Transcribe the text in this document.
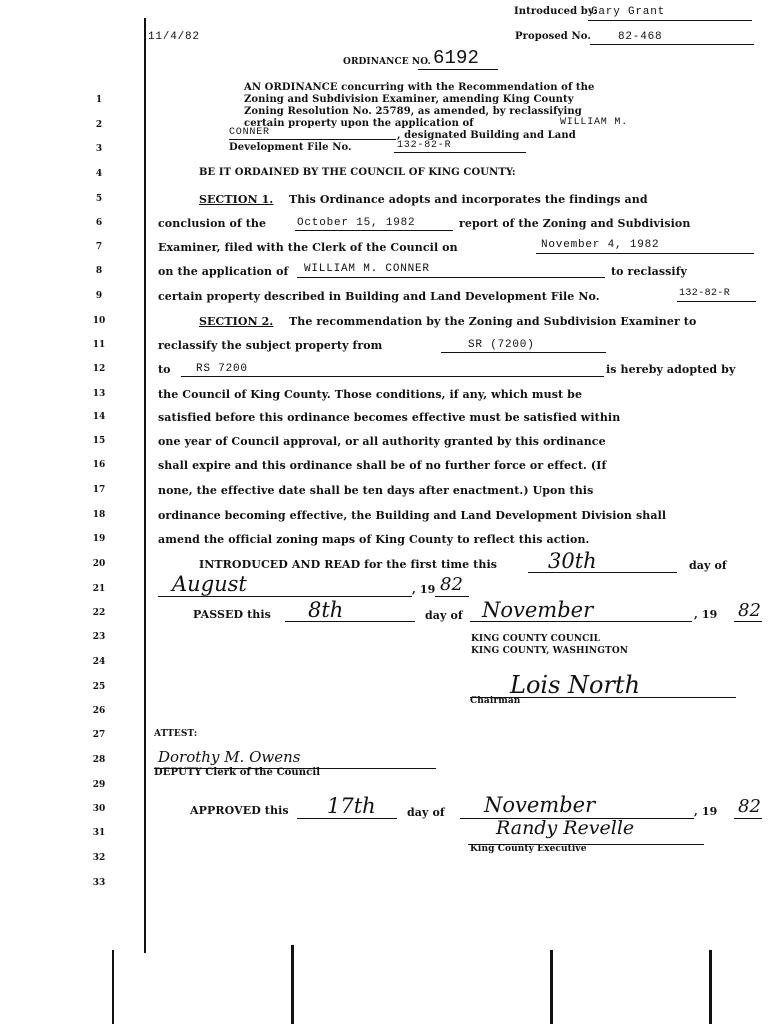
Introduced by:
Gary Grant
11/4/82	Proposed No. 82-468
ORDINANCE NO. 6192
AN ORDINANCE concurring with the Recommendation of the
Zoning and Subdivision Examiner, amending King County
Zoning Resolution No. 25789, as amended, by reclassifying
certain property upon the application of	WILLIAM M.
CONNER	, designated Building and Land
Development File No.	132-82-R
1
2
3
4
5
6
7
8
9
10
11
12
13
14
15
16
17
18
19
20
21
22
23
24
25
26
27
28
29
30
31
32
33
BE IT ORDAINED BY THE COUNCIL OF KING COUNTY:
SECTION 1. This Ordinance adopts and incorporates the findings and
conclusion of the	October 15, 1982	report of the Zoning and Subdivision
Examiner, filed with the Clerk of the Council on	November 4, 1982
on the application of WILLIAM M. CONNER	to reclassify
certain property described in Building and Land Development File No.	132-82-R
SECTION 2. The recommendation by the Zoning and Subdivision Examiner to
reclassify the subject property from	SR (7200)
to RS 7200	is hereby adopted by
the Council of King County. Those conditions, if any, which must be
satisfied before this ordinance becomes effective must be satisfied within
one year of Council approval, or all authority granted by this ordinance
shall expire and this ordinance shall be of no further force or effect. (If
none, the effective date shall be ten days after enactment.) Upon this
ordinance becoming effective, the Building and Land Development Division shall
amend the official zoning maps of King County to reflect this action.
INTRODUCED AND READ for the first time this 30th	day of
August	, 19 82
PASSED this 8th	day of November	, 19 82
KING COUNTY COUNCIL
KING COUNTY, WASHINGTON
Lois North
Chairman
ATTEST:
Dorothy M. Owens
DEPUTY Clerk of the Council
APPROVED this 17th	day of November	, 19 82
Randy Revelle
King County Executive
